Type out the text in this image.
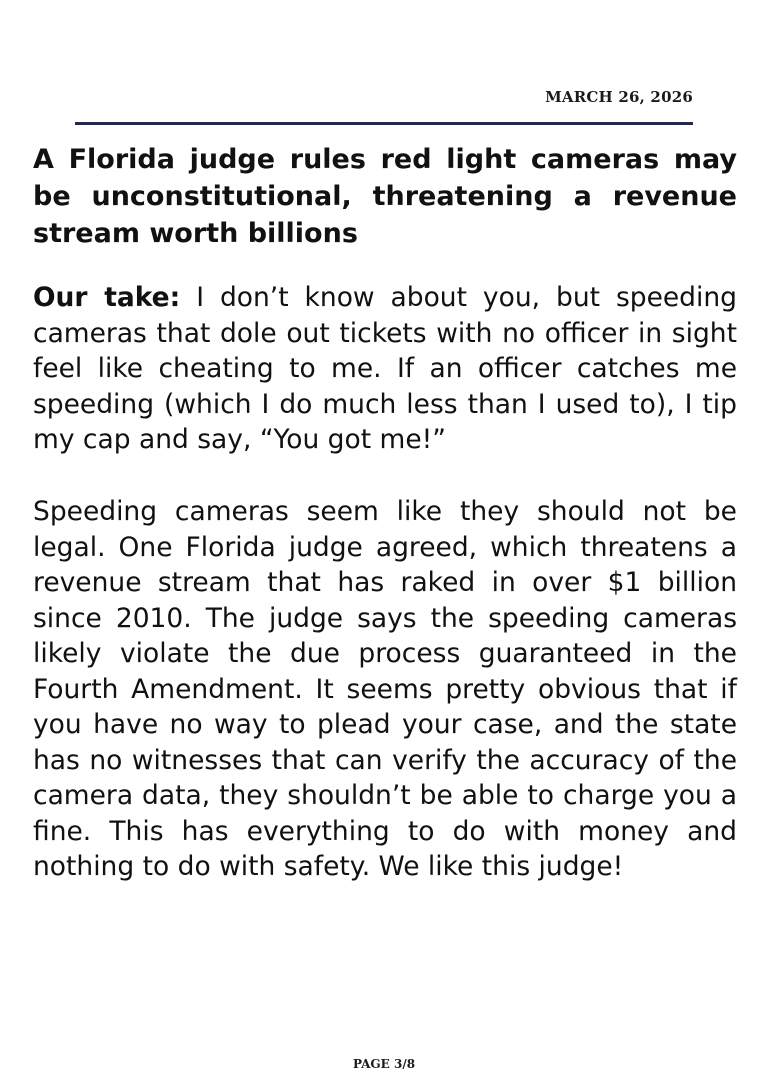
MARCH 26, 2026
A Florida judge rules red light cameras may be unconstitutional, threatening a revenue stream worth billions

Our take: I don’t know about you, but speeding cameras that dole out tickets with no officer in sight feel like cheating to me. If an officer catches me speeding (which I do much less than I used to), I tip my cap and say, “You got me!”

Speeding cameras seem like they should not be legal. One Florida judge agreed, which threatens a revenue stream that has raked in over $1 billion since 2010. The judge says the speeding cameras likely violate the due process guaranteed in the Fourth Amendment. It seems pretty obvious that if you have no way to plead your case, and the state has no witnesses that can verify the accuracy of the camera data, they shouldn’t be able to charge you a fine. This has everything to do with money and nothing to do with safety. We like this judge!

PAGE 3/8
